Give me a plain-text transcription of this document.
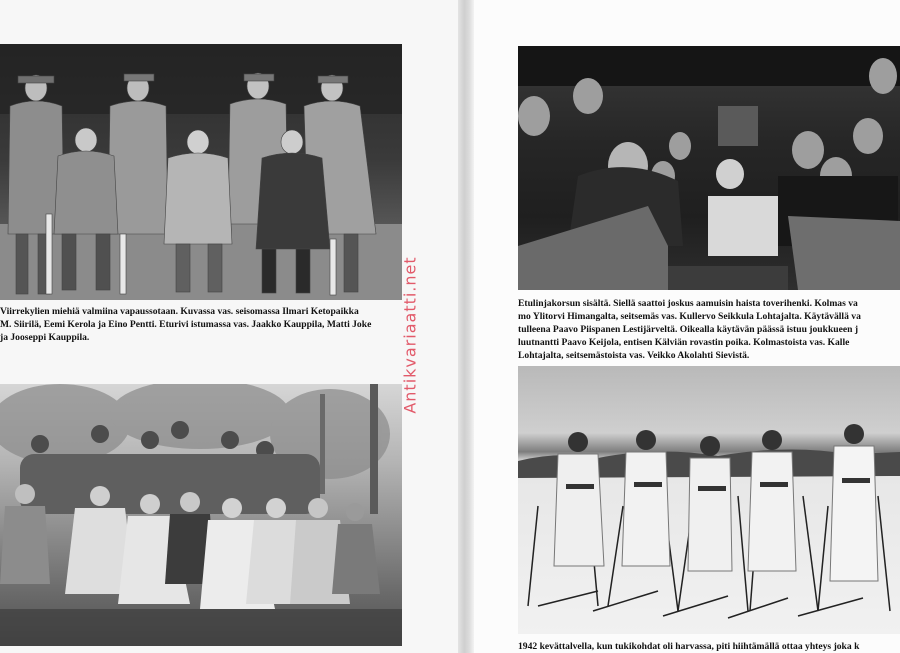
Viirrekylien miehiä valmiina vapaussotaan. Kuvassa vas. seisomassa Ilmari Ketopaikka
M. Siirilä, Eemi Kerola ja Eino Pentti. Eturivi istumassa vas. Jaakko Kauppila, Matti Joke
ja Jooseppi Kauppila.

Etulinjakorsun sisältä. Siellä saattoi joskus aamuisin haista toverihenki. Kolmas va
mo Ylitorvi Himangalta, seitsemäs vas. Kullervo Seikkula Lohtajalta. Käytävällä va
tulleena Paavo Piispanen Lestijärveltä. Oikealla käytävän päässä istuu joukkueen j
luutnantti Paavo Keijola, entisen Kälviän rovastin poika. Kolmastoista vas. Kalle
Lohtajalta, seitsemästoista vas. Veikko Akolahti Sievistä.

1942 kevättalvella, kun tukikohdat oli harvassa, piti hiihtämällä ottaa yhteys joka k

Antikvariaatti.net
